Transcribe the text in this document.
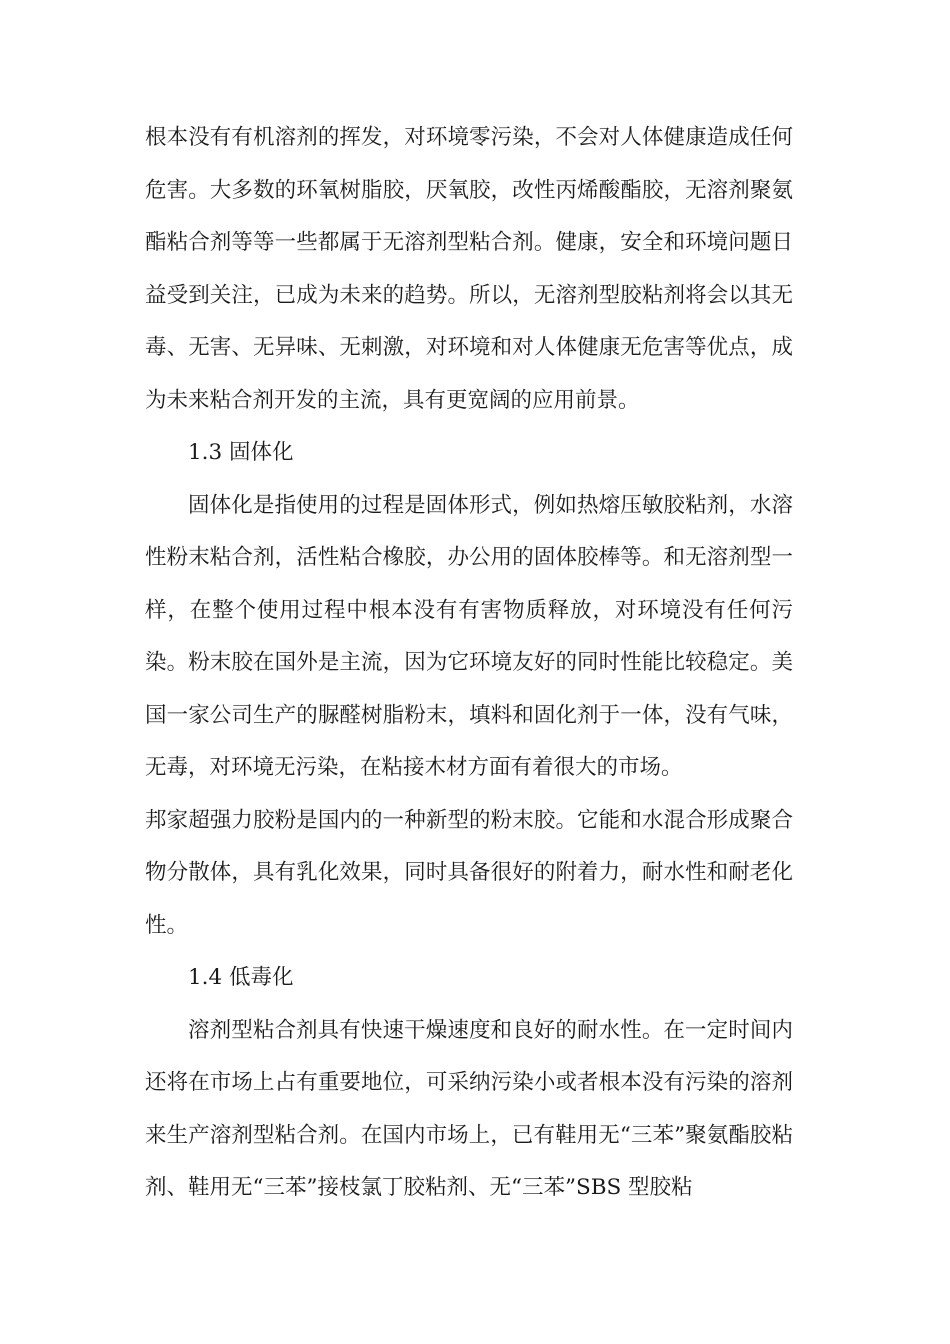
根本没有有机溶剂的挥发，对环境零污染，不会对人体健康造成任何危害。大多数的环氧树脂胶，厌氧胶，改性丙烯酸酯胶，无溶剂聚氨酯粘合剂等等一些都属于无溶剂型粘合剂。健康，安全和环境问题日益受到关注，已成为未来的趋势。所以，无溶剂型胶粘剂将会以其无毒、无害、无异味、无刺激，对环境和对人体健康无危害等优点，成为未来粘合剂开发的主流，具有更宽阔的应用前景。

1.3 固体化

固体化是指使用的过程是固体形式，例如热熔压敏胶粘剂，水溶性粉末粘合剂，活性粘合橡胶，办公用的固体胶棒等。和无溶剂型一样，在整个使用过程中根本没有有害物质释放，对环境没有任何污染。粉末胶在国外是主流，因为它环境友好的同时性能比较稳定。美国一家公司生产的脲醛树脂粉末，填料和固化剂于一体，没有气味，无毒，对环境无污染，在粘接木材方面有着很大的市场。

邦家超强力胶粉是国内的一种新型的粉末胶。它能和水混合形成聚合物分散体，具有乳化效果，同时具备很好的附着力，耐水性和耐老化性。

1.4 低毒化

溶剂型粘合剂具有快速干燥速度和良好的耐水性。在一定时间内还将在市场上占有重要地位，可采纳污染小或者根本没有污染的溶剂来生产溶剂型粘合剂。在国内市场上，已有鞋用无“三苯”聚氨酯胶粘剂、鞋用无“三苯”接枝氯丁胶粘剂、无“三苯”SBS 型胶粘
